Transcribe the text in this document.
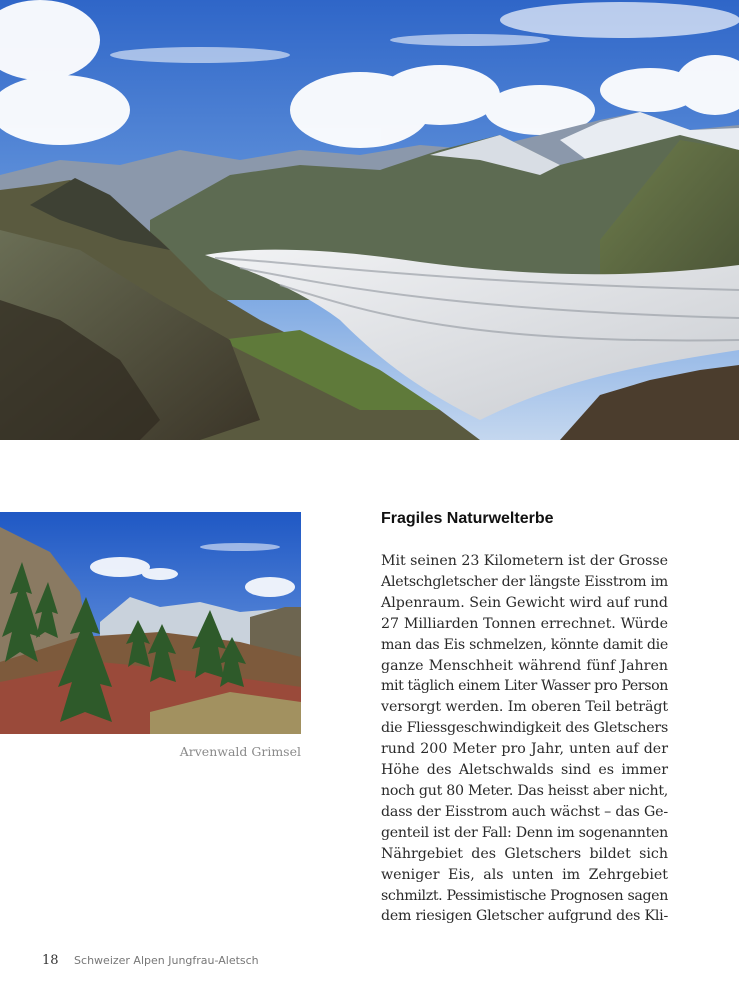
Arvenwald Grimsel
Fragiles Naturwelterbe
Mit seinen 23 Kilometern ist der Grosse
Aletschgletscher der längste Eisstrom im
Alpenraum. Sein Gewicht wird auf rund
27 Milliarden Tonnen errechnet. Würde
man das Eis schmelzen, könnte damit die
ganze Menschheit während fünf Jahren
mit täglich einem Liter Wasser pro Person
versorgt werden. Im oberen Teil beträgt
die Fliessgeschwindigkeit des Gletschers
rund 200 Meter pro Jahr, unten auf der
Höhe des Aletschwalds sind es immer
noch gut 80 Meter. Das heisst aber nicht,
dass der Eisstrom auch wächst – das Ge-
genteil ist der Fall: Denn im sogenannten
Nährgebiet des Gletschers bildet sich
weniger Eis, als unten im Zehrgebiet
schmilzt. Pessimistische Prognosen sagen
dem riesigen Gletscher aufgrund des Kli-
18 Schweizer Alpen Jungfrau-Aletsch
